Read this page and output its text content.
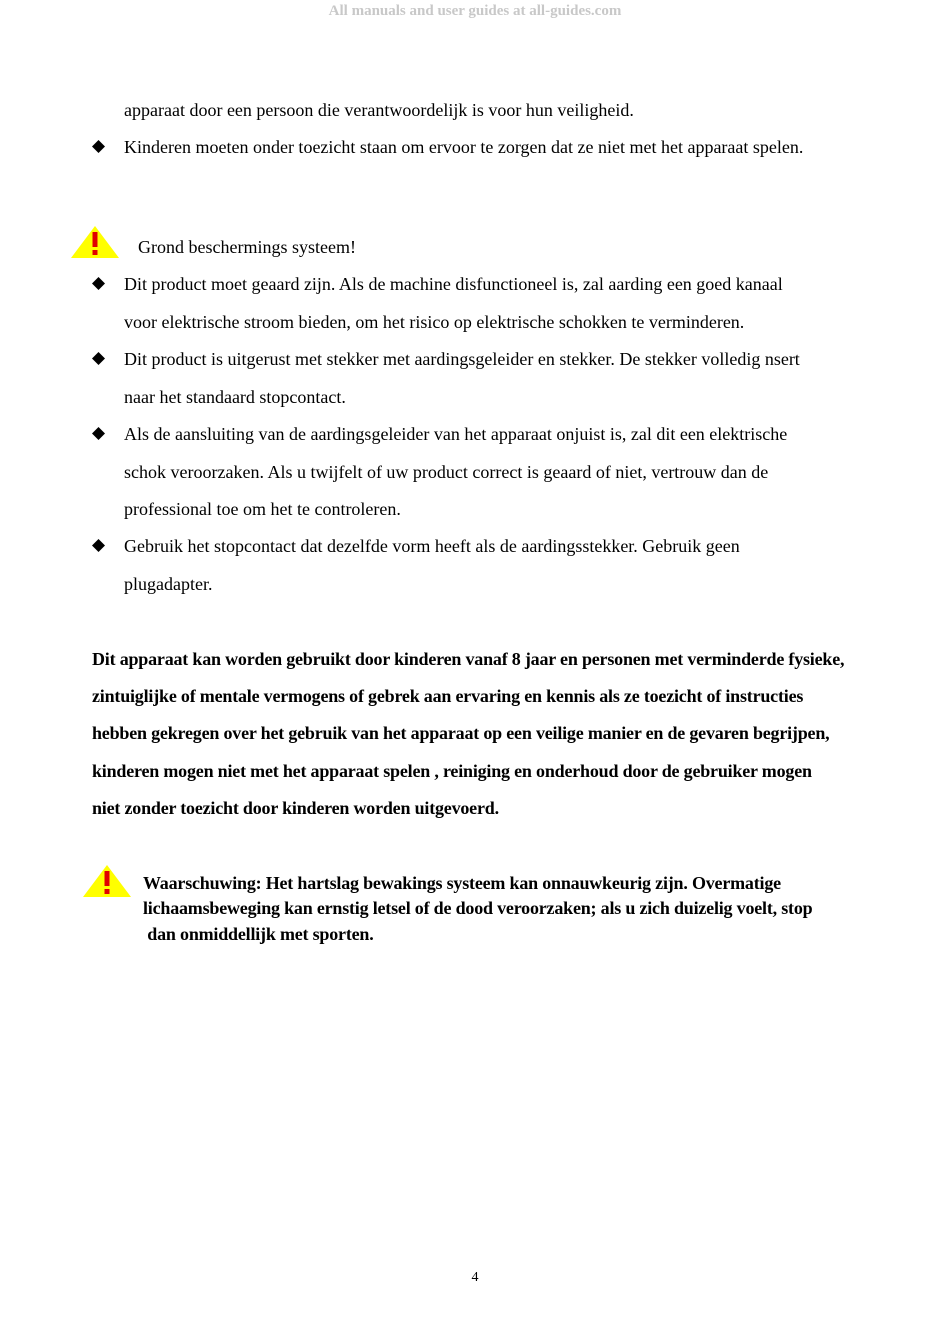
All manuals and user guides at all-guides.com
apparaat door een persoon die verantwoordelijk is voor hun veiligheid.
Kinderen moeten onder toezicht staan om ervoor te zorgen dat ze niet met het apparaat spelen.
Grond beschermings systeem!
Dit product moet geaard zijn. Als de machine disfunctioneel is, zal aarding een goed kanaal
voor elektrische stroom bieden, om het risico op elektrische schokken te verminderen.
Dit product is uitgerust met stekker met aardingsgeleider en stekker. De stekker volledig nsert
naar het standaard stopcontact.
Als de aansluiting van de aardingsgeleider van het apparaat onjuist is, zal dit een elektrische
schok veroorzaken. Als u twijfelt of uw product correct is geaard of niet, vertrouw dan de
professional toe om het te controleren.
Gebruik het stopcontact dat dezelfde vorm heeft als de aardingsstekker. Gebruik geen
plugadapter.
Dit apparaat kan worden gebruikt door kinderen vanaf 8 jaar en personen met verminderde fysieke,
zintuiglijke of mentale vermogens of gebrek aan ervaring en kennis als ze toezicht of instructies
hebben gekregen over het gebruik van het apparaat op een veilige manier en de gevaren begrijpen,
kinderen mogen niet met het apparaat spelen , reiniging en onderhoud door de gebruiker mogen
niet zonder toezicht door kinderen worden uitgevoerd.
Waarschuwing: Het hartslag bewakings systeem kan onnauwkeurig zijn. Overmatige
lichaamsbeweging kan ernstig letsel of de dood veroorzaken; als u zich duizelig voelt, stop
dan onmiddellijk met sporten.
4
